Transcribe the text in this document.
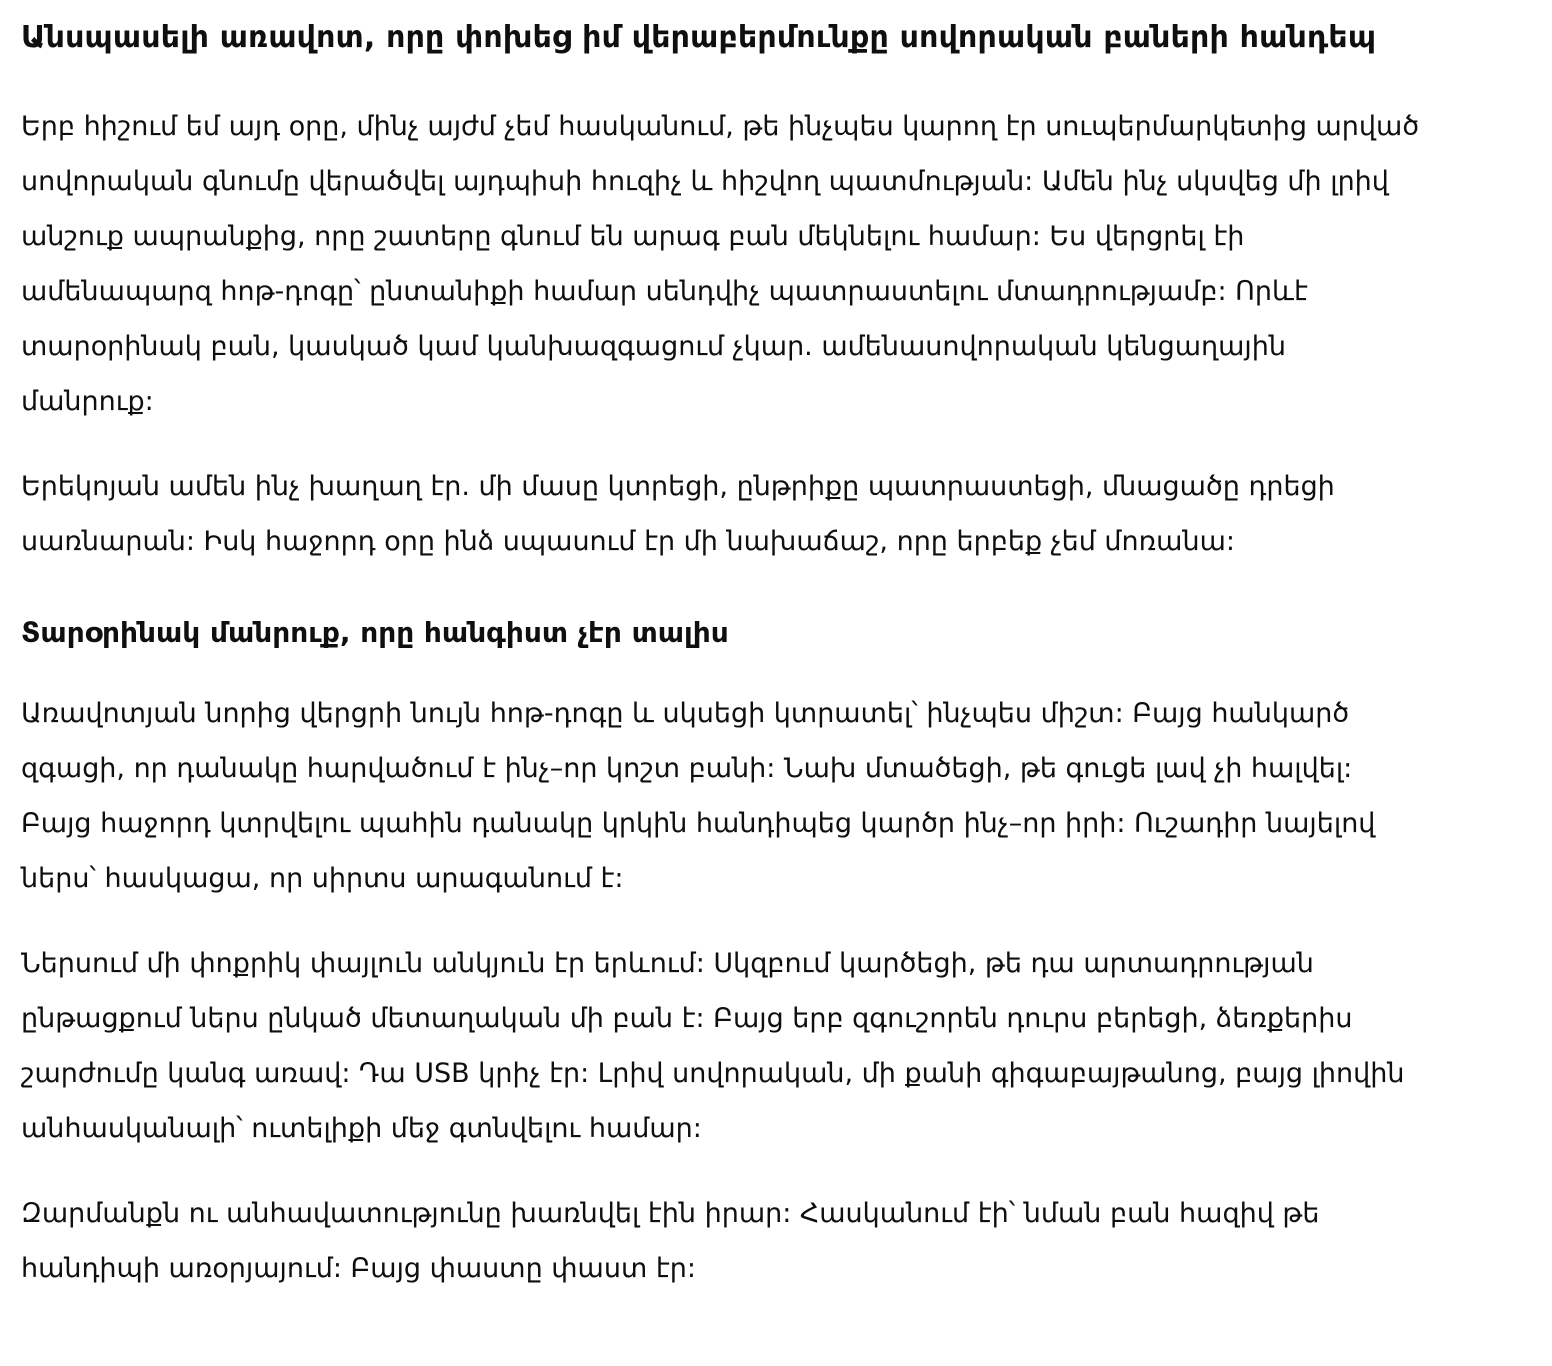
Անսպասելի առավոտ, որը փոխեց իմ վերաբերմունքը սովորական բաների հանդեպ

Երբ հիշում եմ այդ օրը, մինչ այժմ չեմ հասկանում, թե ինչպես կարող էր սուպերմարկետից արված սովորական գնումը վերածվել այդպիսի հուզիչ և հիշվող պատմության: Ամեն ինչ սկսվեց մի լրիվ անշուք ապրանքից, որը շատերը գնում են արագ բան մեկնելու համար: Ես վերցրել էի ամենապարզ հոթ-դոգը՝ ընտանիքի համար սենդվիչ պատրաստելու մտադրությամբ: Որևէ տարօրինակ բան, կասկած կամ կանխազգացում չկար. ամենասովորական կենցաղային մանրուք:

Երեկոյան ամեն ինչ խաղաղ էր. մի մասը կտրեցի, ընթրիքը պատրաստեցի, մնացածը դրեցի սառնարան: Իսկ հաջորդ օրը ինձ սպասում էր մի նախաճաշ, որը երբեք չեմ մոռանա:

Տարօրինակ մանրուք, որը հանգիստ չէր տալիս

Առավոտյան նորից վերցրի նույն հոթ-դոգը և սկսեցի կտրատել՝ ինչպես միշտ: Բայց հանկարծ զգացի, որ դանակը հարվածում է ինչ–որ կոշտ բանի: Նախ մտածեցի, թե գուցե լավ չի հալվել: Բայց հաջորդ կտրվելու պահին դանակը կրկին հանդիպեց կարծր ինչ–որ իրի: Ուշադիր նայելով ներս՝ հասկացա, որ սիրտս արագանում է:

Ներսում մի փոքրիկ փայլուն անկյուն էր երևում: Սկզբում կարծեցի, թե դա արտադրության ընթացքում ներս ընկած մետաղական մի բան է: Բայց երբ զգուշորեն դուրս բերեցի, ձեռքերիս շարժումը կանգ առավ: Դա USB կրիչ էր: Լրիվ սովորական, մի քանի գիգաբայթանոց, բայց լիովին անհասկանալի՝ ուտելիքի մեջ գտնվելու համար:

Զարմանքն ու անհավատությունը խառնվել էին իրար: Հասկանում էի՝ նման բան հազիվ թե հանդիպի առօրյայում: Բայց փաստը փաստ էր:
